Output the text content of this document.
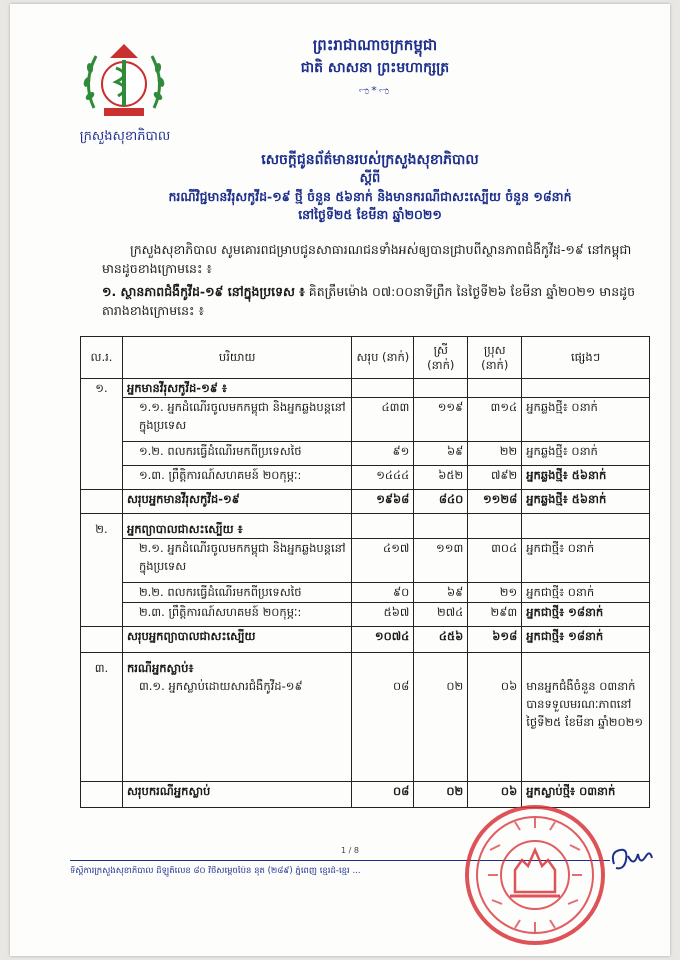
ក្រសួងសុខាភិបាល
ព្រះរាជាណាចក្រកម្ពុជា
ជាតិ សាសនា ព្រះមហាក្សត្រ
ಌ*ಌ
សេចក្តីជូនព័ត៌មានរបស់ក្រសួងសុខាភិបាល
ស្តីពី
ករណីវិជ្ជមានវីរុសកូវីដ-១៩ ថ្មី ចំនួន ៥៦នាក់ និងមានករណីជាសះស្បើយ ចំនួន ១៨នាក់
នៅថ្ងៃទី២៥ ខែមីនា ឆ្នាំ២០២១
ក្រសួងសុខាភិបាល សូមគោរពជម្រាបជូនសាធារណជនទាំងអស់ឲ្យបានជ្រាបពីស្ថានភាពជំងឺកូវីដ-១៩ នៅកម្ពុជា មានដូចខាងក្រោមនេះ ៖
១. ស្ថានភាពជំងឺកូវីដ-១៩ នៅក្នុងប្រទេស ៖ គិតត្រឹមម៉ោង ០៧:០០នាទីព្រឹក នៃថ្ងៃទី២៦ ខែមីនា ឆ្នាំ២០២១ មានដូចតារាងខាងក្រោមនេះ ៖
ល.រ.	បរិយាយ	សរុប (នាក់)	ស្រី (នាក់)	ប្រុស (នាក់)	ផ្សេងៗ
១.	អ្នកមានវីរុសកូវីដ-១៩ ៖				
	១.១. អ្នកដំណើរចូលមកកម្ពុជា និងអ្នកឆ្លងបន្តនៅក្នុងប្រទេស	៤៣៣	១១៩	៣១៤	អ្នកឆ្លងថ្មី៖ ០នាក់
	១.២. ពលករធ្វើដំណើរមកពីប្រទេសថៃ	៩១	៦៩	២២	អ្នកឆ្លងថ្មី៖ ០នាក់
	១.៣. ព្រឹត្តិការណ៍សហគមន៍ ២០កុម្ភៈ:	១៤៤៤	៦៥២	៧៩២	អ្នកឆ្លងថ្មី៖ ៥៦នាក់
	សរុបអ្នកមានវីរុសកូវីដ-១៩	១៩៦៨	៨៤០	១១២៨	អ្នកឆ្លងថ្មី៖ ៥៦នាក់
២.	អ្នកព្យាបាលជាសះស្បើយ ៖				
	២.១. អ្នកដំណើរចូលមកកម្ពុជា និងអ្នកឆ្លងបន្តនៅក្នុងប្រទេស	៤១៧	១១៣	៣០៤	អ្នកជាថ្មី៖ ០នាក់
	២.២. ពលករធ្វើដំណើរមកពីប្រទេសថៃ	៩០	៦៩	២១	អ្នកជាថ្មី៖ ០នាក់
	២.៣. ព្រឹត្តិការណ៍សហគមន៍ ២០កុម្ភៈ:	៥៦៧	២៧៤	២៩៣	អ្នកជាថ្មី៖ ១៨នាក់
	សរុបអ្នកព្យាបាលជាសះស្បើយ	១០៧៤	៤៥៦	៦១៨	អ្នកជាថ្មី៖ ១៨នាក់
៣.	ករណីអ្នកស្លាប់៖				
	៣.១. អ្នកស្លាប់ដោយសារជំងឺកូវីដ-១៩	០៨	០២	០៦	មានអ្នកជំងឺចំនួន ០៣នាក់ បានទទួលមរណៈភាពនៅ ថ្ងៃទី២៥ ខែមីនា ឆ្នាំ២០២១
	សរុបករណីអ្នកស្លាប់	០៨	០២	០៦	អ្នកស្លាប់ថ្មី៖ ០៣នាក់
1 / 8
ទីស្តីការក្រសួងសុខាភិបាល ដីឡូតិ៍លេខ ៨០ វិថីសម្តេចប៉ែន នុត (២៨៩) ភ្នំពេញ ខ្មេរដំ-ខ្មេរ ...
